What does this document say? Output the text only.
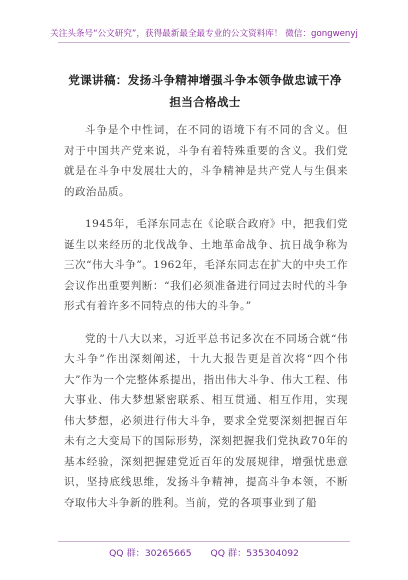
关注头条号“公文研究”，获得最新最全最专业的公文资料库！ 微信：gongwenyj
党课讲稿：发扬斗争精神增强斗争本领争做忠诚干净担当合格战士

斗争是个中性词，在不同的语境下有不同的含义。但对于中国共产党来说，斗争有着特殊重要的含义。我们党就是在斗争中发展壮大的，斗争精神是共产党人与生俱来的政治品质。

1945年，毛泽东同志在《论联合政府》中，把我们党诞生以来经历的北伐战争、土地革命战争、抗日战争称为三次“伟大斗争”。1962年，毛泽东同志在扩大的中央工作会议作出重要判断：“我们必须准备进行同过去时代的斗争形式有着许多不同特点的伟大的斗争。”

党的十八大以来，习近平总书记多次在不同场合就“伟大斗争”作出深刻阐述，十九大报告更是首次将“四个伟大”作为一个完整体系提出，指出伟大斗争、伟大工程、伟大事业、伟大梦想紧密联系、相互贯通、相互作用，实现伟大梦想，必须进行伟大斗争，要求全党要深刻把握百年未有之大变局下的国际形势，深刻把握我们党执政70年的基本经验，深刻把握建党近百年的发展规律，增强忧患意识，坚持底线思维，发扬斗争精神，提高斗争本领，不断夺取伟大斗争新的胜利。当前，党的各项事业到了船

QQ 群：30265665 QQ 群：535304092
